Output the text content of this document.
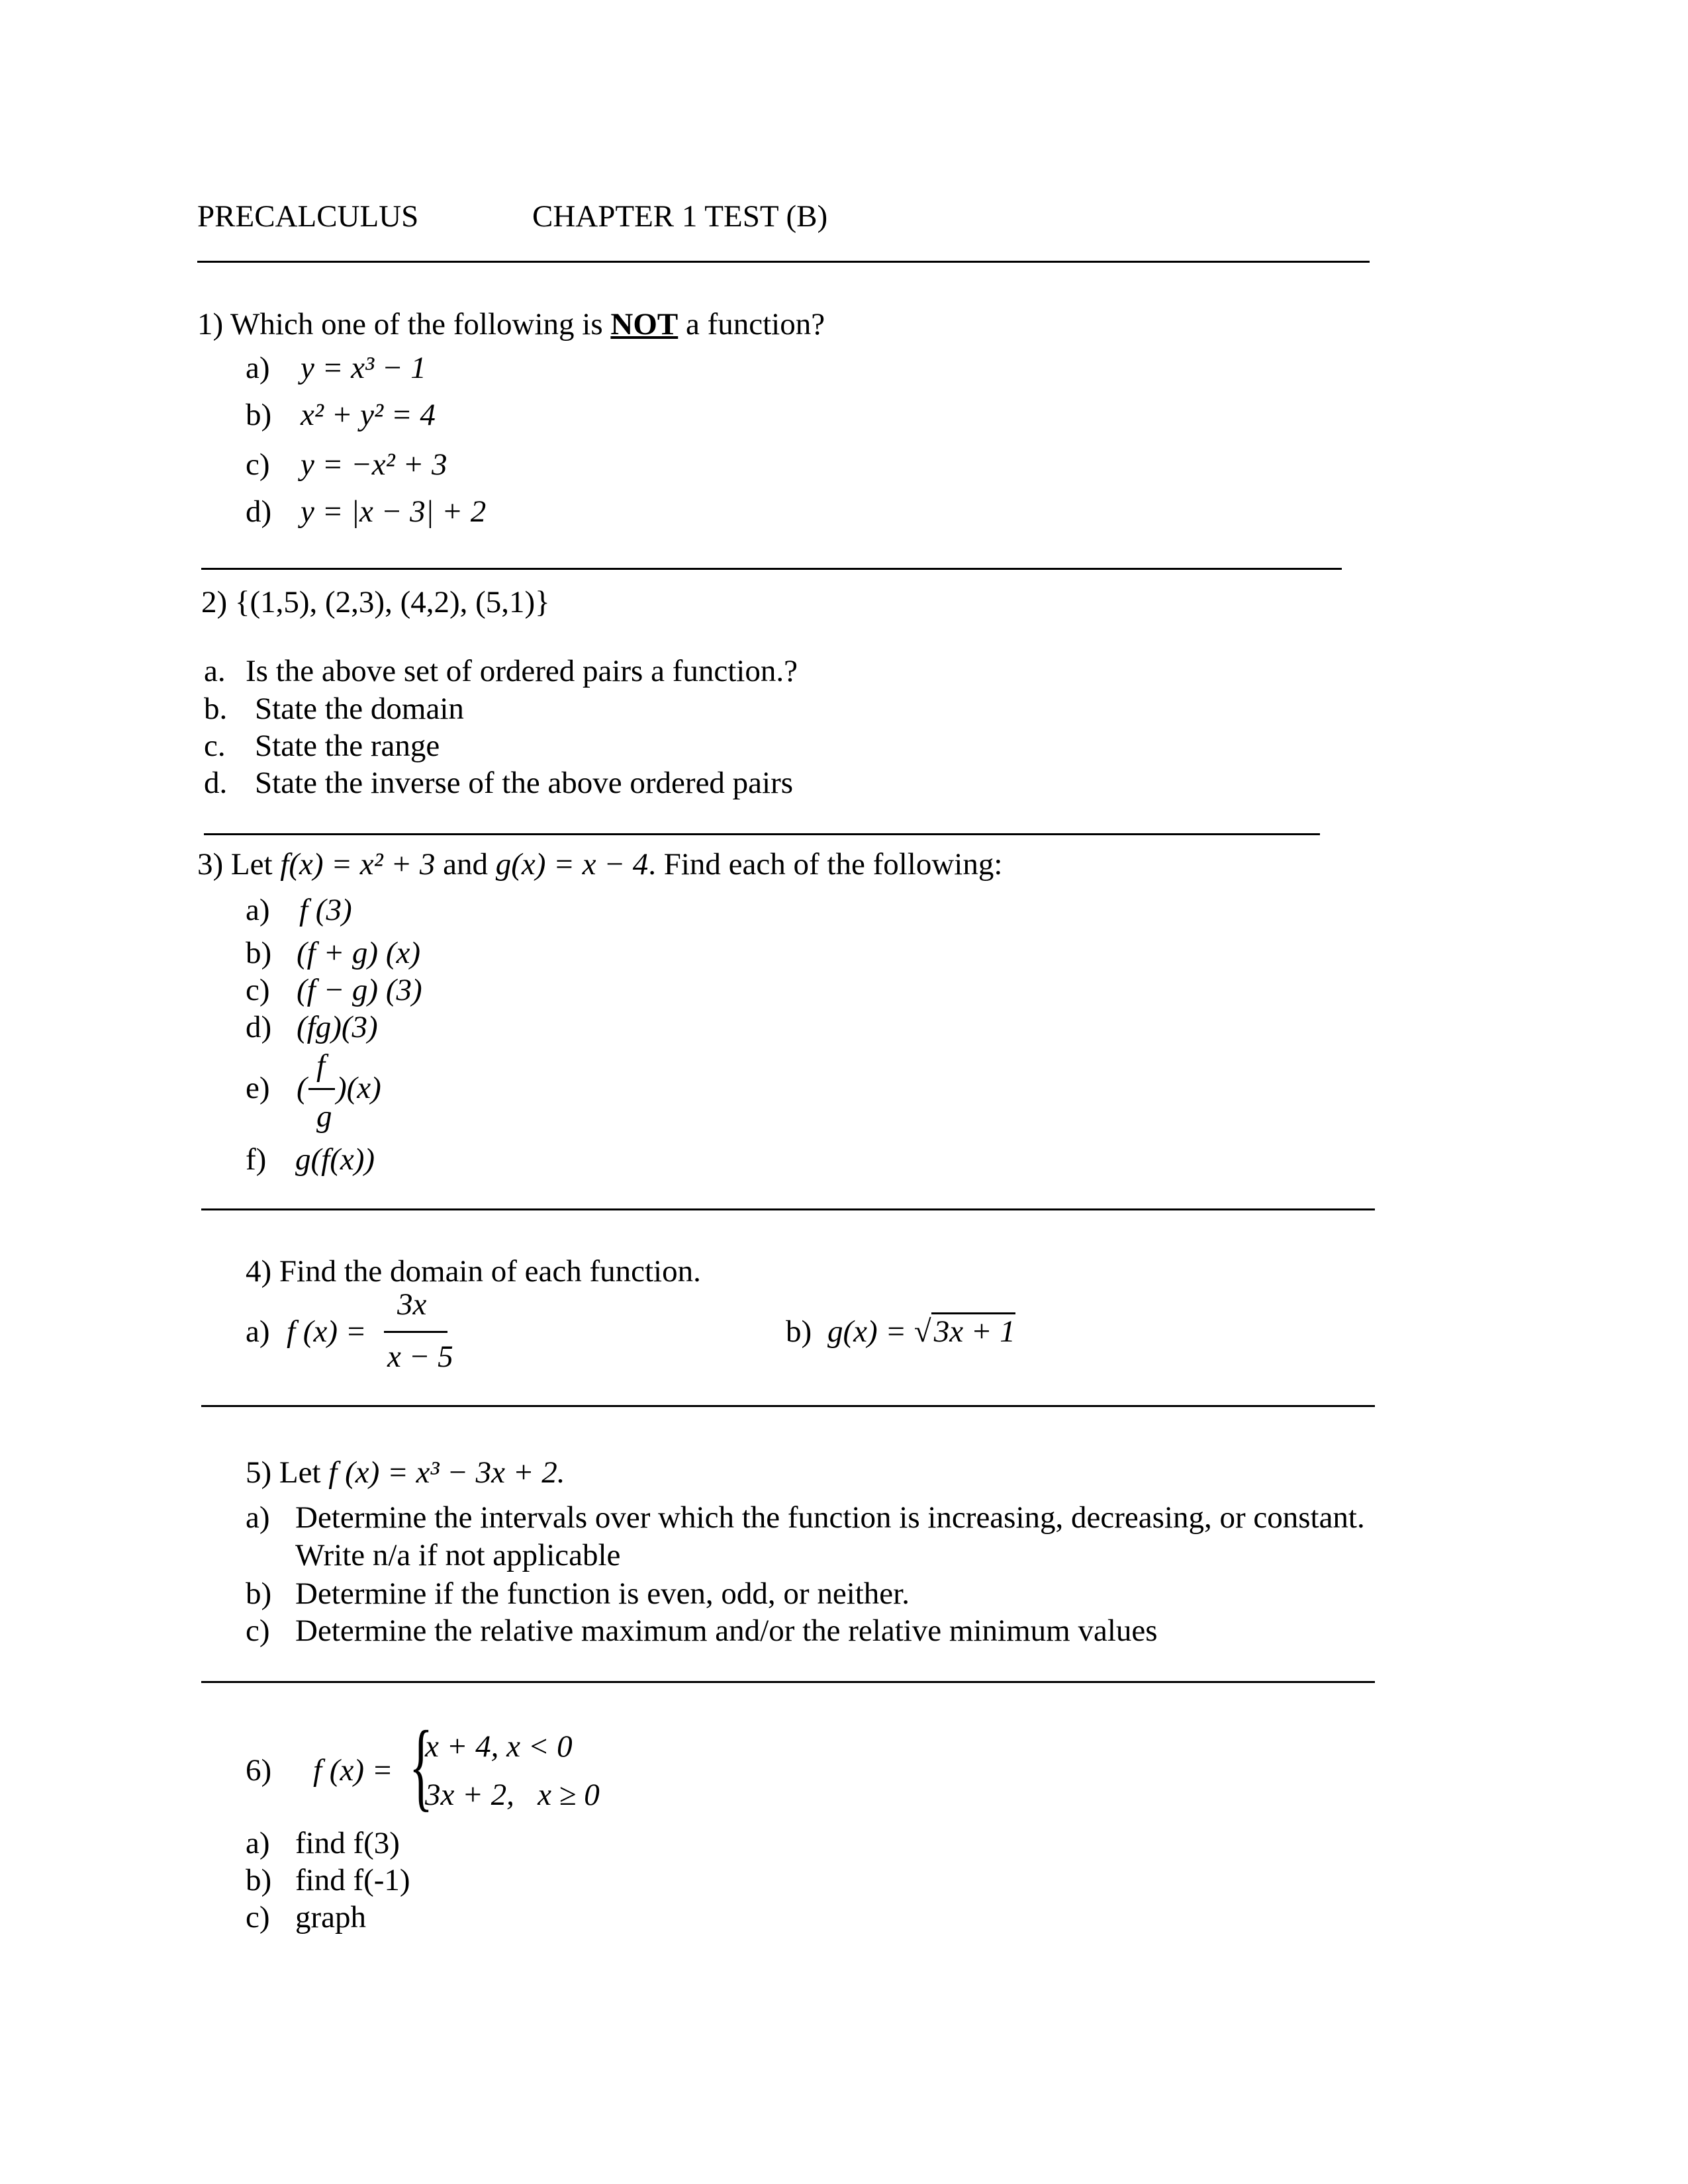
PRECALCULUS	CHAPTER 1 TEST (B)
1) Which one of the following is NOT a function?
a) y = x³ − 1
b) x² + y² = 4
c) y = −x² + 3
d) y = |x − 3| + 2
2) {(1,5), (2,3), (4,2), (5,1)}
a. Is the above set of ordered pairs a function.?
b. State the domain
c. State the range
d. State the inverse of the above ordered pairs
3) Let f(x) = x² + 3 and g(x) = x − 4. Find each of the following:
a) f (3)
b) (f + g) (x)
c) (f − g) (3)
d) (fg)(3)
e) (
f
g
)(x)
f) g(f(x))
4) Find the domain of each function.
a) f (x) =
3x
x − 5
b) g(x) = √3x + 1
5) Let f (x) = x³ − 3x + 2.
a) Determine the intervals over which the function is increasing, decreasing, or constant.
Write n/a if not applicable
b) Determine if the function is even, odd, or neither.
c) Determine the relative maximum and/or the relative minimum values
6) f (x) = {
x + 4, x < 0
3x + 2,   x ≥ 0
a) find f(3)
b) find f(-1)
c) graph
